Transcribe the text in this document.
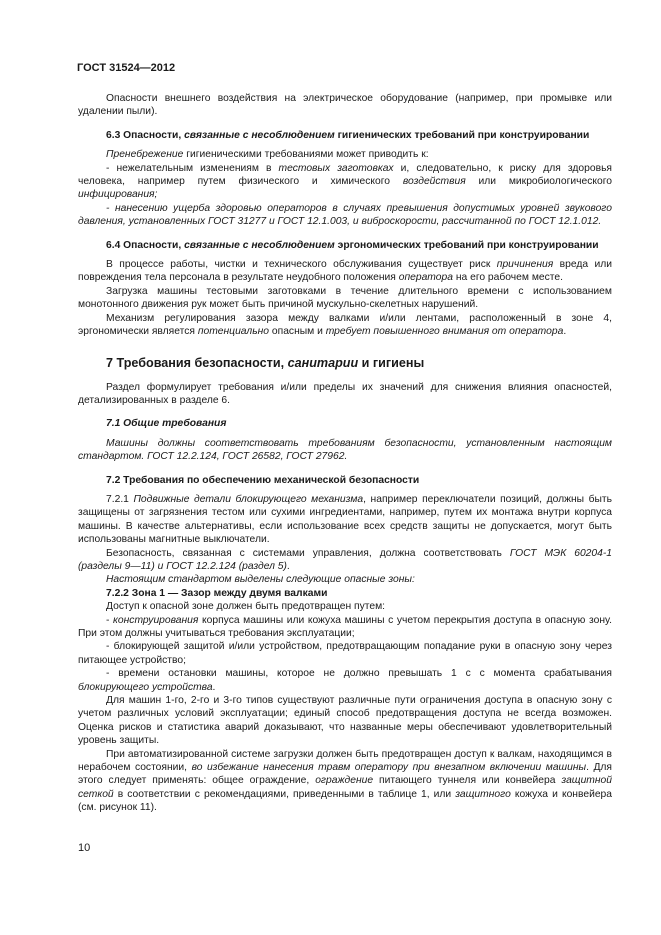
ГОСТ 31524—2012

Опасности внешнего воздействия на электрическое оборудование (например, при промывке или удалении пыли).

6.3 Опасности, связанные с несоблюдением гигиенических требований при конструировании

Пренебрежение гигиеническими требованиями может приводить к:

- нежелательным изменениям в тестовых заготовках и, следовательно, к риску для здоровья человека, например путем физического и химического воздействия или микробиологического инфицирования;

- нанесению ущерба здоровью операторов в случаях превышения допустимых уровней звукового давления, установленных ГОСТ 31277 и ГОСТ 12.1.003, и виброскорости, рассчитанной по ГОСТ 12.1.012.

6.4 Опасности, связанные с несоблюдением эргономических требований при конструировании

В процессе работы, чистки и технического обслуживания существует риск причинения вреда или повреждения тела персонала в результате неудобного положения оператора на его рабочем месте.

Загрузка машины тестовыми заготовками в течение длительного времени с использованием монотонного движения рук может быть причиной мускульно-скелетных нарушений.

Механизм регулирования зазора между валками и/или лентами, расположенный в зоне 4, эргономически является потенциально опасным и требует повышенного внимания от оператора.

7 Требования безопасности, санитарии и гигиены

Раздел формулирует требования и/или пределы их значений для снижения влияния опасностей, детализированных в разделе 6.

7.1 Общие требования

Машины должны соответствовать требованиям безопасности, установленным настоящим стандартом. ГОСТ 12.2.124, ГОСТ 26582, ГОСТ 27962.

7.2 Требования по обеспечению механической безопасности

7.2.1 Подвижные детали блокирующего механизма, например переключатели позиций, должны быть защищены от загрязнения тестом или сухими ингредиентами, например, путем их монтажа внутри корпуса машины. В качестве альтернативы, если использование всех средств защиты не допускается, могут быть использованы магнитные выключатели.

Безопасность, связанная с системами управления, должна соответствовать ГОСТ МЭК 60204-1 (разделы 9—11) и ГОСТ 12.2.124 (раздел 5).

Настоящим стандартом выделены следующие опасные зоны:

7.2.2 Зона 1 — Зазор между двумя валками

Доступ к опасной зоне должен быть предотвращен путем:

- конструирования корпуса машины или кожуха машины с учетом перекрытия доступа в опасную зону. При этом должны учитываться требования эксплуатации;

- блокирующей защитой и/или устройством, предотвращающим попадание руки в опасную зону через питающее устройство;

- времени остановки машины, которое не должно превышать 1 с с момента срабатывания блокирующего устройства.

Для машин 1-го, 2-го и 3-го типов существуют различные пути ограничения доступа в опасную зону с учетом различных условий эксплуатации; единый способ предотвращения доступа не всегда возможен. Оценка рисков и статистика аварий доказывают, что названные меры обеспечивают удовлетворительный уровень защиты.

При автоматизированной системе загрузки должен быть предотвращен доступ к валкам, находящимся в нерабочем состоянии, во избежание нанесения травм оператору при внезапном включении машины. Для этого следует применять: общее ограждение, ограждение питающего туннеля или конвейера защитной сеткой в соответствии с рекомендациями, приведенными в таблице 1, или защитного кожуха и конвейера (см. рисунок 11).

10
